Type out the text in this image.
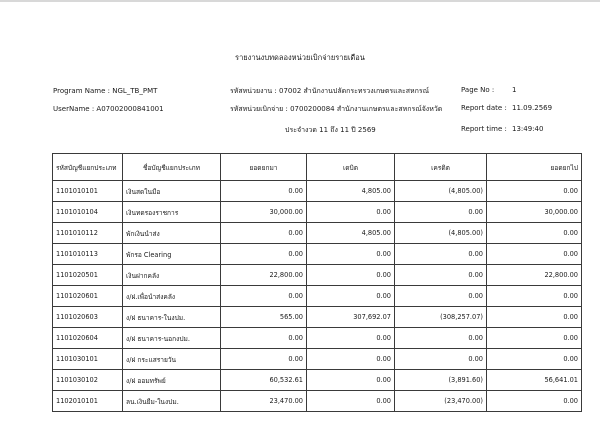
รายงานงบทดลองหน่วยเบิกจ่ายรายเดือน
Program Name : NGL_TB_PMT
UserName : A07002000841001
รหัสหน่วยงาน : 07002 สำนักงานปลัดกระทรวงเกษตรและสหกรณ์
รหัสหน่วยเบิกจ่าย : 0700200084 สำนักงานเกษตรและสหกรณ์จังหวัด
ประจำงวด 11 ถึง 11 ปี 2569
Page No :	1
Report date : 11.09.2569
Report time : 13:49:40
รหัสบัญชีแยกประเภท	ชื่อบัญชีแยกประเภท	ยอดยกมา	เดบิต	เครดิต	ยอดยกไป
1101010101	เงินสดในมือ	0.00	4,805.00	(4,805.00)	0.00
1101010104	เงินทดรองราชการ	30,000.00	0.00	0.00	30,000.00
1101010112	พักเงินนำส่ง	0.00	4,805.00	(4,805.00)	0.00
1101010113	พักรอ Clearing	0.00	0.00	0.00	0.00
1101020501	เงินฝากคลัง	22,800.00	0.00	0.00	22,800.00
1101020601	ง/ฝ.เพื่อนำส่งคลัง	0.00	0.00	0.00	0.00
1101020603	ง/ฝ ธนาคาร-ในงปม.	565.00	307,692.07	(308,257.07)	0.00
1101020604	ง/ฝ ธนาคาร-นอกงปม.	0.00	0.00	0.00	0.00
1101030101	ง/ฝ กระแสรายวัน	0.00	0.00	0.00	0.00
1101030102	ง/ฝ ออมทรัพย์	60,532.61	0.00	(3,891.60)	56,641.01
1102010101	ลน.เงินยืม-ในงปม.	23,470.00	0.00	(23,470.00)	0.00
